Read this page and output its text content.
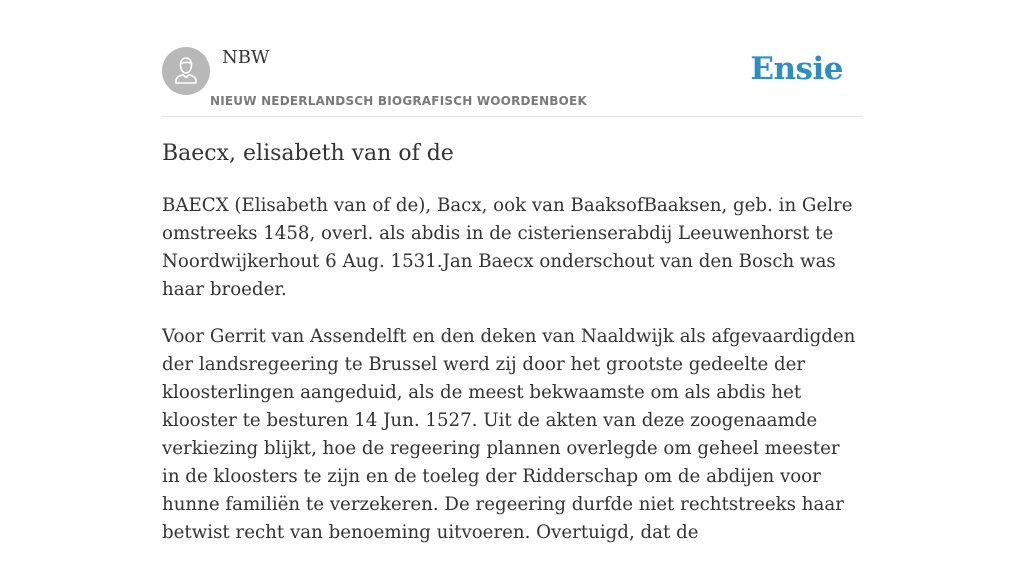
NBW
NIEUW NEDERLANDSCH BIOGRAFISCH WOORDENBOEK
Ensie
Baecx, elisabeth van of de

BAECX (Elisabeth van of de), Bacx, ook van BaaksofBaaksen, geb. in Gelre omstreeks 1458, overl. als abdis in de cisterienserabdij Leeuwenhorst te Noordwijkerhout 6 Aug. 1531.Jan Baecx onderschout van den Bosch was haar broeder.

Voor Gerrit van Assendelft en den deken van Naaldwijk als afgevaardigden der landsregeering te Brussel werd zij door het grootste gedeelte der kloosterlingen aangeduid, als de meest bekwaamste om als abdis het klooster te besturen 14 Jun. 1527. Uit de akten van deze zoogenaamde verkiezing blijkt, hoe de regeering plannen overlegde om geheel meester in de kloosters te zijn en de toeleg der Ridderschap om de abdijen voor hunne familiën te verzekeren. De regeering durfde niet rechtstreeks haar betwist recht van benoeming uitvoeren. Overtuigd, dat de
